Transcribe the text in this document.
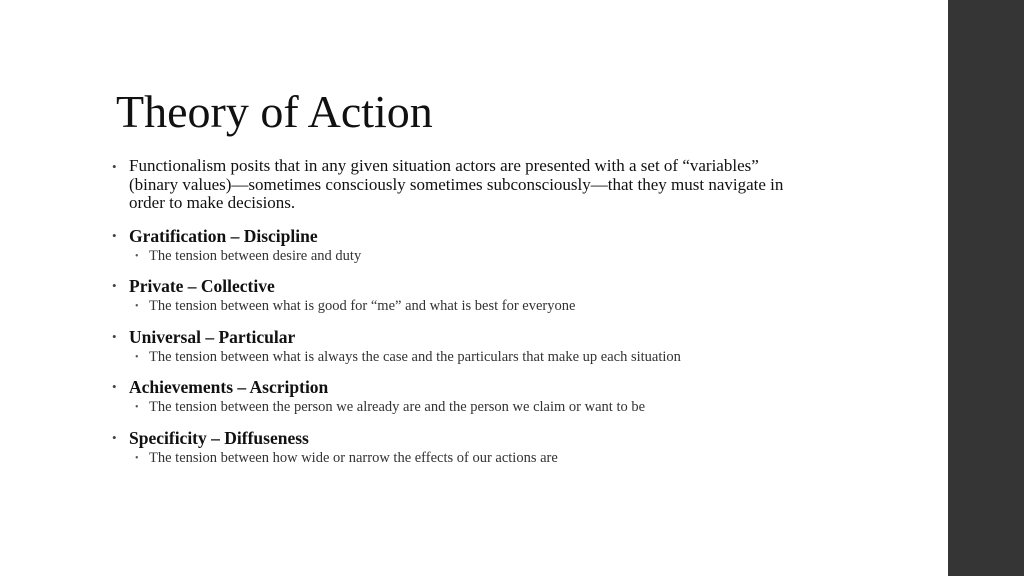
Theory of Action
• Functionalism posits that in any given situation actors are presented with a set of “variables” (binary values)—sometimes consciously sometimes subconsciously—that they must navigate in order to make decisions.
• Gratification – Discipline
• The tension between desire and duty
• Private – Collective
• The tension between what is good for “me” and what is best for everyone
• Universal – Particular
• The tension between what is always the case and the particulars that make up each situation
• Achievements – Ascription
• The tension between the person we already are and the person we claim or want to be
• Specificity – Diffuseness
• The tension between how wide or narrow the effects of our actions are
